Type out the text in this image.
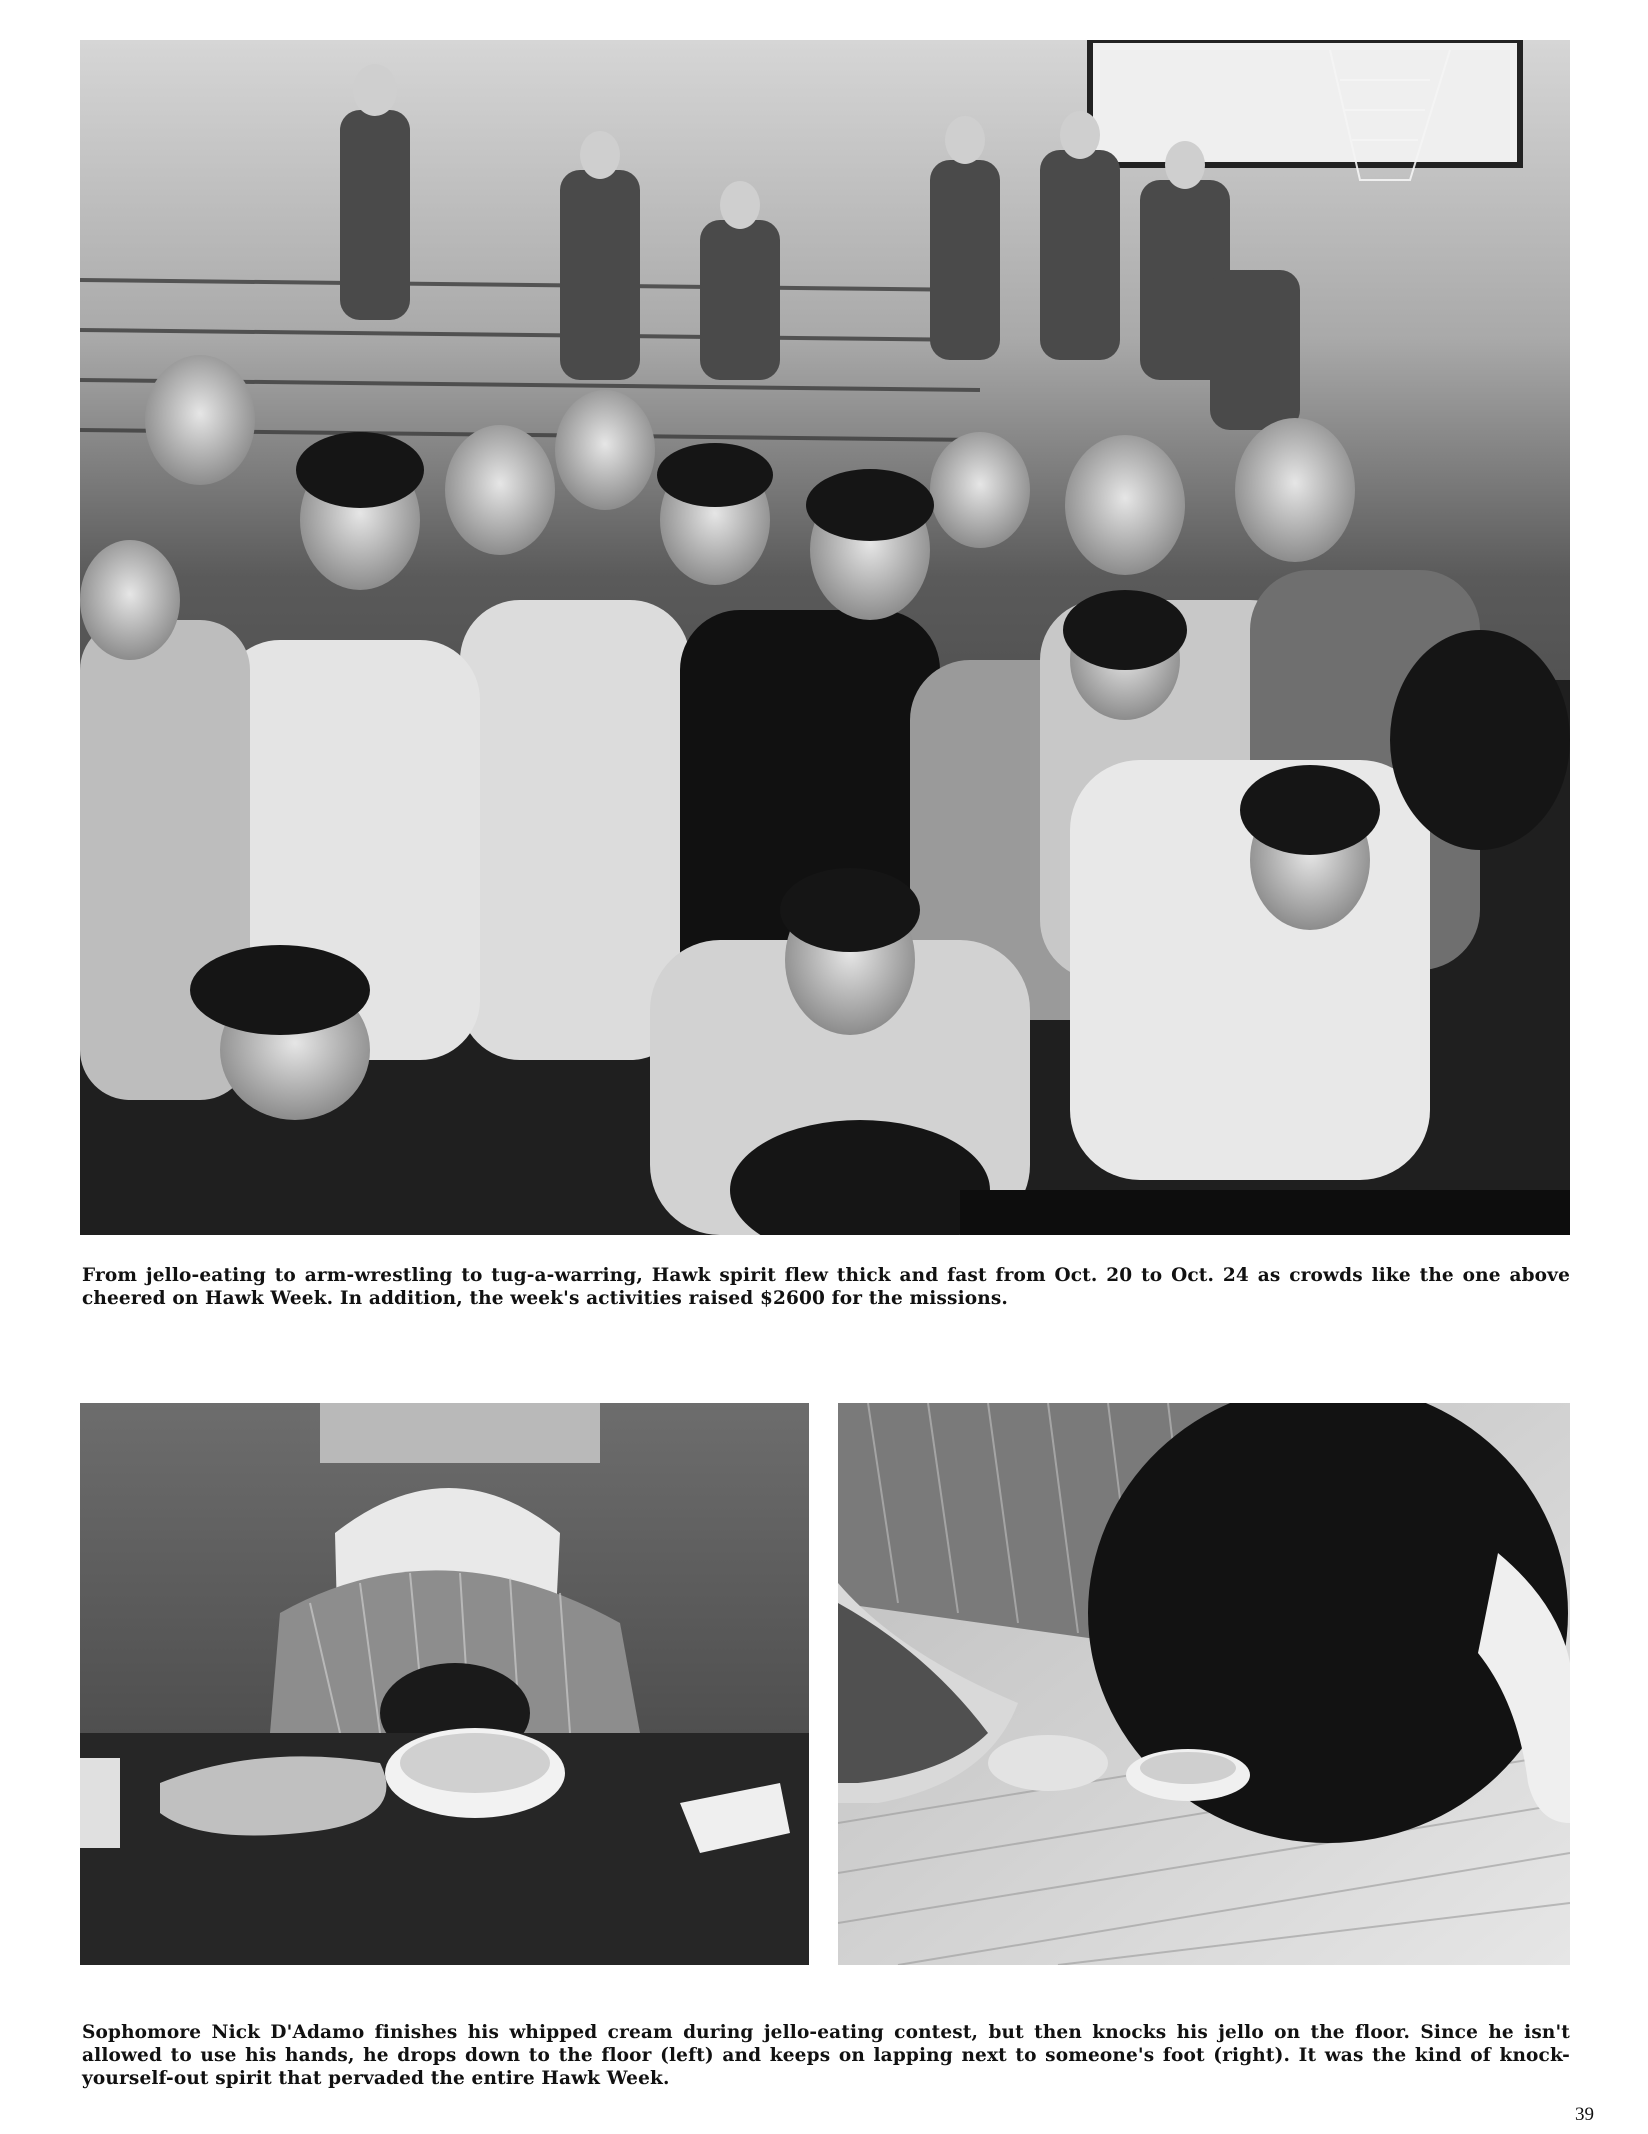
From jello-eating to arm-wrestling to tug-a-warring, Hawk spirit flew thick and fast from Oct. 20 to Oct. 24 as crowds like the one above cheered on Hawk Week. In addition, the week's activities raised $2600 for the missions.

Sophomore Nick D'Adamo finishes his whipped cream during jello-eating contest, but then knocks his jello on the floor. Since he isn't allowed to use his hands, he drops down to the floor (left) and keeps on lapping next to someone's foot (right). It was the kind of knock-yourself-out spirit that pervaded the entire Hawk Week.

39
